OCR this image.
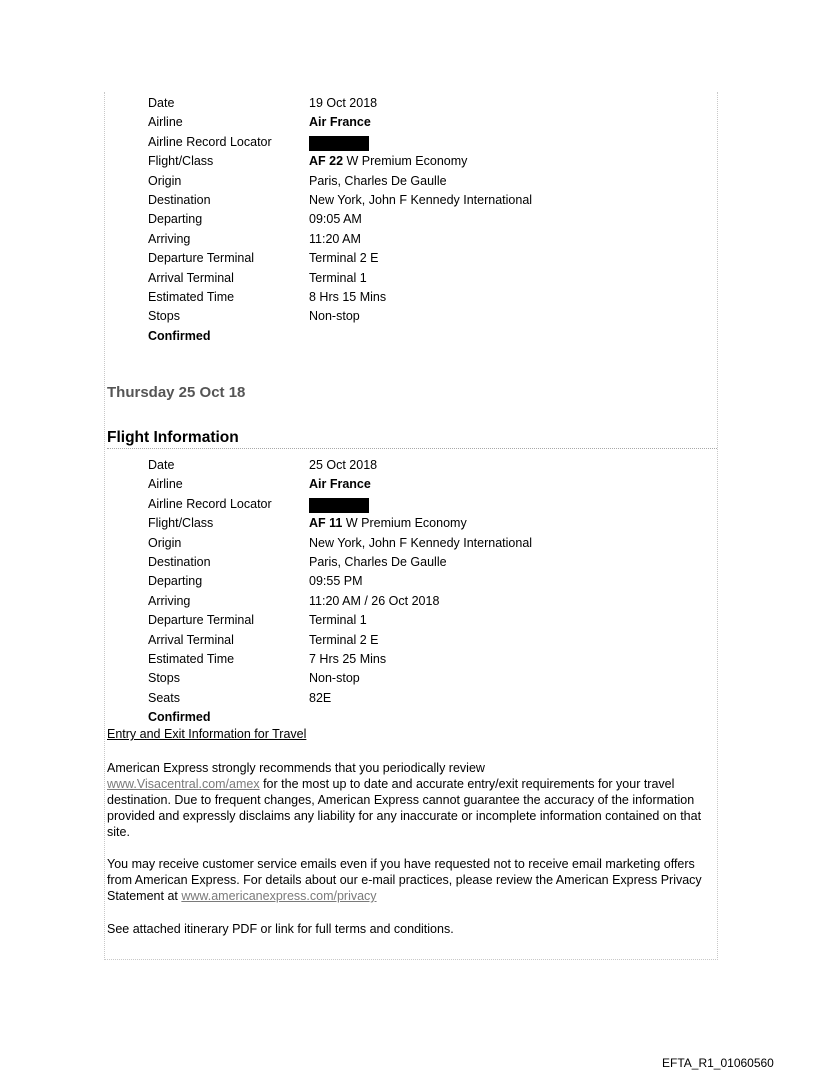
Date	19 Oct 2018
Airline	Air France
Airline Record Locator
Flight/Class	AF 22 W Premium Economy
Origin	Paris, Charles De Gaulle
Destination	New York, John F Kennedy International
Departing	09:05 AM
Arriving	11:20 AM
Departure Terminal	Terminal 2 E
Arrival Terminal	Terminal 1
Estimated Time	8 Hrs 15 Mins
Stops	Non-stop
Confirmed
Thursday 25 Oct 18
Flight Information
Date	25 Oct 2018
Airline	Air France
Airline Record Locator
Flight/Class	AF 11 W Premium Economy
Origin	New York, John F Kennedy International
Destination	Paris, Charles De Gaulle
Departing	09:55 PM
Arriving	11:20 AM / 26 Oct 2018
Departure Terminal	Terminal 1
Arrival Terminal	Terminal 2 E
Estimated Time	7 Hrs 25 Mins
Stops	Non-stop
Seats	82E
Confirmed
Entry and Exit Information for Travel
American Express strongly recommends that you periodically review
www.Visacentral.com/amex for the most up to date and accurate entry/exit requirements for your travel destination. Due to frequent changes, American Express cannot guarantee the accuracy of the information provided and expressly disclaims any liability for any inaccurate or incomplete information contained on that site.
You may receive customer service emails even if you have requested not to receive email marketing offers from American Express. For details about our e-mail practices, please review the American Express Privacy Statement at www.americanexpress.com/privacy
See attached itinerary PDF or link for full terms and conditions.
EFTA_R1_01060560
